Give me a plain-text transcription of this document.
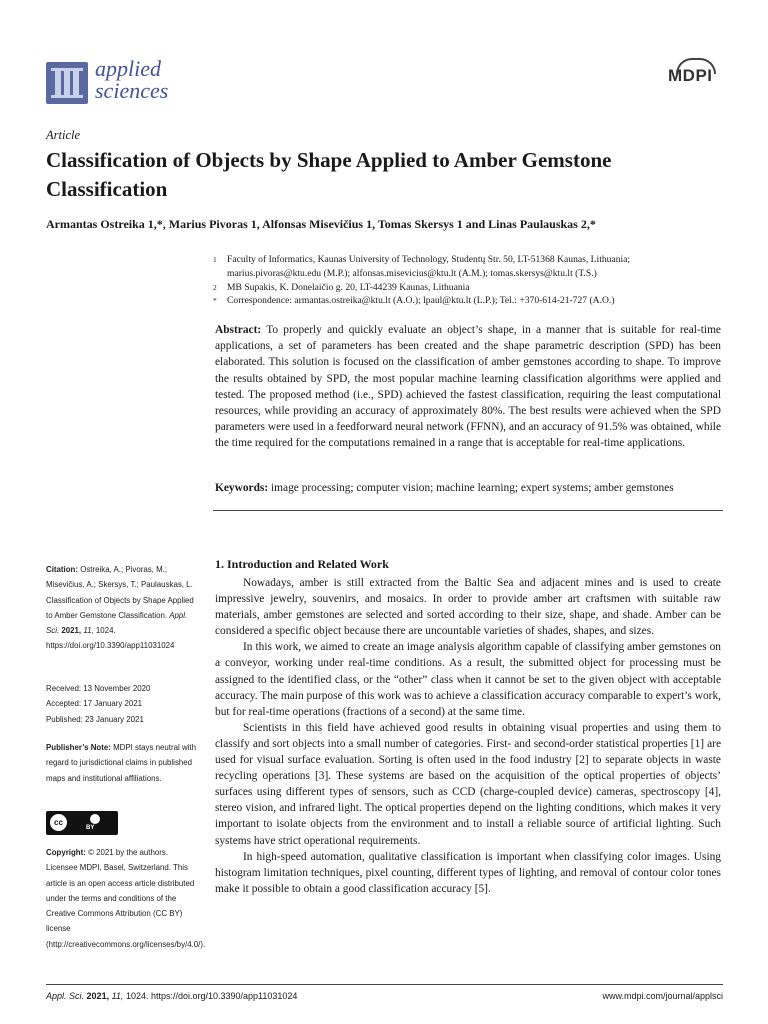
applied
sciences
MDPI
Article
Classification of Objects by Shape Applied to Amber Gemstone Classification
Armantas Ostreika 1,*, Marius Pivoras 1, Alfonsas Misevičius 1, Tomas Skersys 1 and Linas Paulauskas 2,*
1 Faculty of Informatics, Kaunas University of Technology, Studentų Str. 50, LT-51368 Kaunas, Lithuania;
marius.pivoras@ktu.edu (M.P.); alfonsas.misevicius@ktu.lt (A.M.); tomas.skersys@ktu.lt (T.S.)
2 MB Supakis, K. Donelaičio g. 20, LT-44239 Kaunas, Lithuania
* Correspondence: armantas.ostreika@ktu.lt (A.O.); lpaul@ktu.lt (L.P.); Tel.: +370-614-21-727 (A.O.)
Abstract: To properly and quickly evaluate an object’s shape, in a manner that is suitable for real-time applications, a set of parameters has been created and the shape parametric description (SPD) has been elaborated. This solution is focused on the classification of amber gemstones according to shape. To improve the results obtained by SPD, the most popular machine learning classification algorithms were applied and tested. The proposed method (i.e., SPD) achieved the fastest classification, requiring the least computational resources, while providing an accuracy of approximately 80%. The best results were achieved when the SPD parameters were used in a feedforward neural network (FFNN), and an accuracy of 91.5% was obtained, while the time required for the computations remained in a range that is acceptable for real-time applications.
Keywords: image processing; computer vision; machine learning; expert systems; amber gemstones
Citation: Ostreika, A.; Pivoras, M.; Misevičius, A.; Skersys, T.; Paulauskas, L. Classification of Objects by Shape Applied to Amber Gemstone Classification. Appl. Sci. 2021, 11, 1024. https://doi.org/10.3390/app11031024
Received: 13 November 2020
Accepted: 17 January 2021
Published: 23 January 2021
Publisher’s Note: MDPI stays neutral with regard to jurisdictional claims in published maps and institutional affiliations.
cc
BY
Copyright: © 2021 by the authors. Licensee MDPI, Basel, Switzerland. This article is an open access article distributed under the terms and conditions of the Creative Commons Attribution (CC BY) license (http://creativecommons.org/licenses/by/4.0/).
1. Introduction and Related Work

Nowadays, amber is still extracted from the Baltic Sea and adjacent mines and is used to create impressive jewelry, souvenirs, and mosaics. In order to provide amber art craftsmen with suitable raw materials, amber gemstones are selected and sorted according to their size, shape, and shade. Amber can be considered a specific object because there are uncountable varieties of shades, shapes, and sizes.

In this work, we aimed to create an image analysis algorithm capable of classifying amber gemstones on a conveyor, working under real-time conditions. As a result, the submitted object for processing must be assigned to the identified class, or the “other” class when it cannot be set to the given object with acceptable accuracy. The main purpose of this work was to achieve a classification accuracy comparable to expert’s work, but for real-time operations (fractions of a second) at the same time.

Scientists in this field have achieved good results in obtaining visual properties and using them to classify and sort objects into a small number of categories. First- and second-order statistical properties [1] are used for visual surface evaluation. Sorting is often used in the food industry [2] to separate objects in waste recycling operations [3]. These systems are based on the acquisition of the optical properties of objects’ surfaces using different types of sensors, such as CCD (charge-coupled device) cameras, spectroscopy [4], stereo vision, and infrared light. The optical properties depend on the lighting conditions, which makes it very important to isolate objects from the environment and to install a reliable source of artificial lighting. Such systems have strict operational requirements.

In high-speed automation, qualitative classification is important when classifying color images. Using histogram limitation techniques, pixel counting, different types of lighting, and removal of contour color tones make it possible to obtain a good classification accuracy [5].

Appl. Sci. 2021, 11, 1024. https://doi.org/10.3390/app11031024	www.mdpi.com/journal/applsci
